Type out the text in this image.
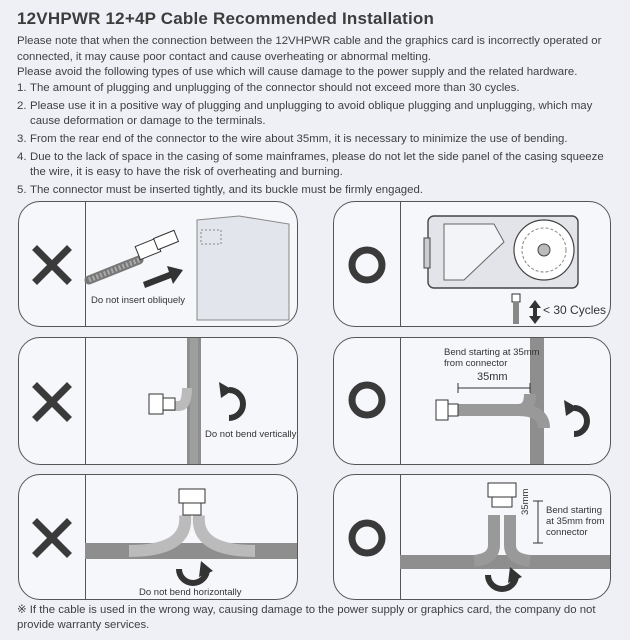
12VHPWR 12+4P Cable Recommended Installation

Please note that when the connection between the 12VHPWR cable and the graphics card is incorrectly operated or connected, it may cause poor contact and cause overheating or abnormal melting.

Please avoid the following types of use which will cause damage to the power supply and the related hardware.

1. The amount of plugging and unplugging of the connector should not exceed more than 30 cycles.
2. Please use it in a positive way of plugging and unplugging to avoid oblique plugging and unplugging, which may cause deformation or damage to the terminals.
3. From the rear end of the connector to the wire about 35mm, it is necessary to minimize the use of bending.
4. Due to the lack of space in the casing of some mainframes, please do not let the side panel of the casing squeeze the wire, it is easy to have the risk of overheating and burning.
5. The connector must be inserted tightly, and its buckle must be firmly engaged.
Do not insert obliquely
< 30 Cycles
Do not bend vertically
Bend starting at 35mm
from connector
35mm
Do not bend horizontally
35mm Bend starting
at 35mm from
connector
※ If the cable is used in the wrong way, causing damage to the power supply or graphics card, the company do not provide warranty services.
